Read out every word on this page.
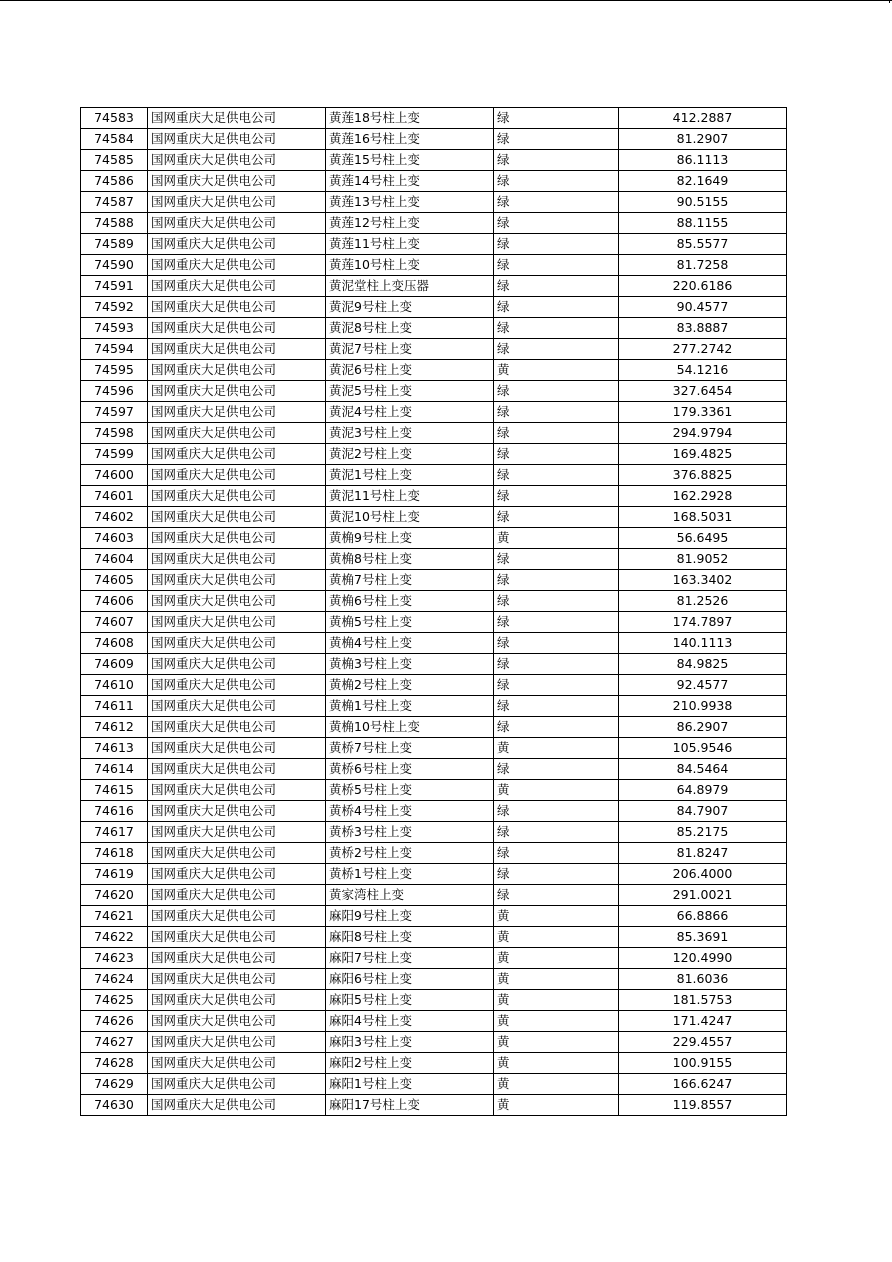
74583	国网重庆大足供电公司	黄莲18号柱上变	绿	412.2887
74584	国网重庆大足供电公司	黄莲16号柱上变	绿	81.2907
74585	国网重庆大足供电公司	黄莲15号柱上变	绿	86.1113
74586	国网重庆大足供电公司	黄莲14号柱上变	绿	82.1649
74587	国网重庆大足供电公司	黄莲13号柱上变	绿	90.5155
74588	国网重庆大足供电公司	黄莲12号柱上变	绿	88.1155
74589	国网重庆大足供电公司	黄莲11号柱上变	绿	85.5577
74590	国网重庆大足供电公司	黄莲10号柱上变	绿	81.7258
74591	国网重庆大足供电公司	黄泥堂柱上变压器	绿	220.6186
74592	国网重庆大足供电公司	黄泥9号柱上变	绿	90.4577
74593	国网重庆大足供电公司	黄泥8号柱上变	绿	83.8887
74594	国网重庆大足供电公司	黄泥7号柱上变	绿	277.2742
74595	国网重庆大足供电公司	黄泥6号柱上变	黄	54.1216
74596	国网重庆大足供电公司	黄泥5号柱上变	绿	327.6454
74597	国网重庆大足供电公司	黄泥4号柱上变	绿	179.3361
74598	国网重庆大足供电公司	黄泥3号柱上变	绿	294.9794
74599	国网重庆大足供电公司	黄泥2号柱上变	绿	169.4825
74600	国网重庆大足供电公司	黄泥1号柱上变	绿	376.8825
74601	国网重庆大足供电公司	黄泥11号柱上变	绿	162.2928
74602	国网重庆大足供电公司	黄泥10号柱上变	绿	168.5031
74603	国网重庆大足供电公司	黄桷9号柱上变	黄	56.6495
74604	国网重庆大足供电公司	黄桷8号柱上变	绿	81.9052
74605	国网重庆大足供电公司	黄桷7号柱上变	绿	163.3402
74606	国网重庆大足供电公司	黄桷6号柱上变	绿	81.2526
74607	国网重庆大足供电公司	黄桷5号柱上变	绿	174.7897
74608	国网重庆大足供电公司	黄桷4号柱上变	绿	140.1113
74609	国网重庆大足供电公司	黄桷3号柱上变	绿	84.9825
74610	国网重庆大足供电公司	黄桷2号柱上变	绿	92.4577
74611	国网重庆大足供电公司	黄桷1号柱上变	绿	210.9938
74612	国网重庆大足供电公司	黄桷10号柱上变	绿	86.2907
74613	国网重庆大足供电公司	黄桥7号柱上变	黄	105.9546
74614	国网重庆大足供电公司	黄桥6号柱上变	绿	84.5464
74615	国网重庆大足供电公司	黄桥5号柱上变	黄	64.8979
74616	国网重庆大足供电公司	黄桥4号柱上变	绿	84.7907
74617	国网重庆大足供电公司	黄桥3号柱上变	绿	85.2175
74618	国网重庆大足供电公司	黄桥2号柱上变	绿	81.8247
74619	国网重庆大足供电公司	黄桥1号柱上变	绿	206.4000
74620	国网重庆大足供电公司	黄家湾柱上变	绿	291.0021
74621	国网重庆大足供电公司	麻阳9号柱上变	黄	66.8866
74622	国网重庆大足供电公司	麻阳8号柱上变	黄	85.3691
74623	国网重庆大足供电公司	麻阳7号柱上变	黄	120.4990
74624	国网重庆大足供电公司	麻阳6号柱上变	黄	81.6036
74625	国网重庆大足供电公司	麻阳5号柱上变	黄	181.5753
74626	国网重庆大足供电公司	麻阳4号柱上变	黄	171.4247
74627	国网重庆大足供电公司	麻阳3号柱上变	黄	229.4557
74628	国网重庆大足供电公司	麻阳2号柱上变	黄	100.9155
74629	国网重庆大足供电公司	麻阳1号柱上变	黄	166.6247
74630	国网重庆大足供电公司	麻阳17号柱上变	黄	119.8557
